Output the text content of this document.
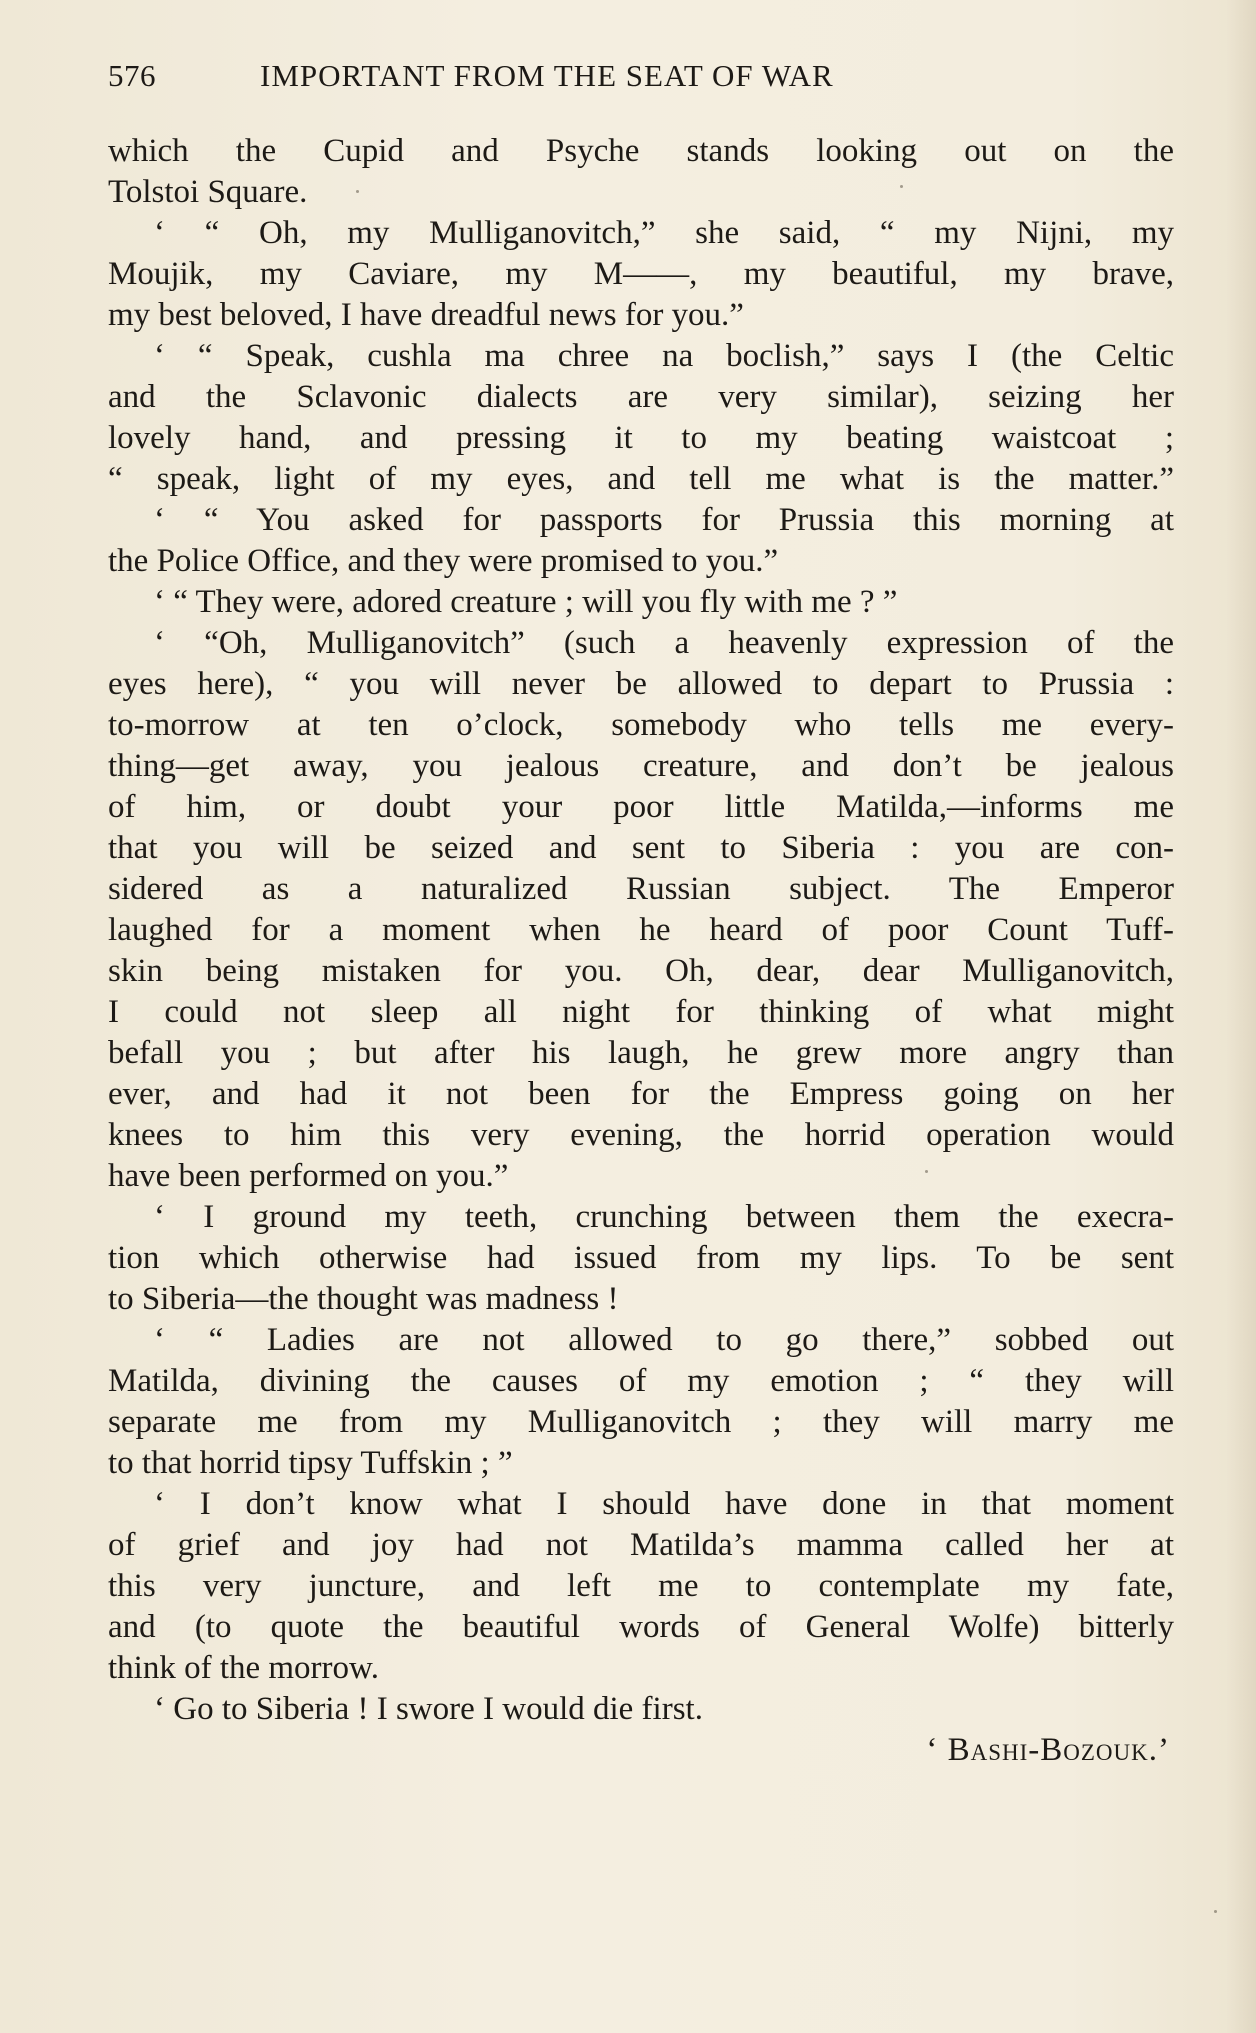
576	IMPORTANT FROM THE SEAT OF WAR
which the Cupid and Psyche stands looking out on the
Tolstoi Square.
‘ “ Oh, my Mulliganovitch,” she said, “ my Nijni, my
Moujik, my Caviare, my M——, my beautiful, my brave,
my best beloved, I have dreadful news for you.”
‘ “ Speak, cushla ma chree na boclish,” says I (the Celtic
and the Sclavonic dialects are very similar), seizing her
lovely hand, and pressing it to my beating waistcoat ;
“ speak, light of my eyes, and tell me what is the matter.”
‘ “ You asked for passports for Prussia this morning at
the Police Office, and they were promised to you.”
‘ “ They were, adored creature ; will you fly with me ? ”
‘ “Oh, Mulliganovitch” (such a heavenly expression of the
eyes here), “ you will never be allowed to depart to Prussia :
to-morrow at ten o’clock, somebody who tells me every-
thing—get away, you jealous creature, and don’t be jealous
of him, or doubt your poor little Matilda,—informs me
that you will be seized and sent to Siberia : you are con-
sidered as a naturalized Russian subject. The Emperor
laughed for a moment when he heard of poor Count Tuff-
skin being mistaken for you. Oh, dear, dear Mulliganovitch,
I could not sleep all night for thinking of what might
befall you ; but after his laugh, he grew more angry than
ever, and had it not been for the Empress going on her
knees to him this very evening, the horrid operation would
have been performed on you.”
‘ I ground my teeth, crunching between them the execra-
tion which otherwise had issued from my lips. To be sent
to Siberia—the thought was madness !
‘ “ Ladies are not allowed to go there,” sobbed out
Matilda, divining the causes of my emotion ; “ they will
separate me from my Mulliganovitch ; they will marry me
to that horrid tipsy Tuffskin ; ”
‘ I don’t know what I should have done in that moment
of grief and joy had not Matilda’s mamma called her at
this very juncture, and left me to contemplate my fate,
and (to quote the beautiful words of General Wolfe) bitterly
think of the morrow.
‘ Go to Siberia ! I swore I would die first.
‘ Bashi-Bozouk.’
